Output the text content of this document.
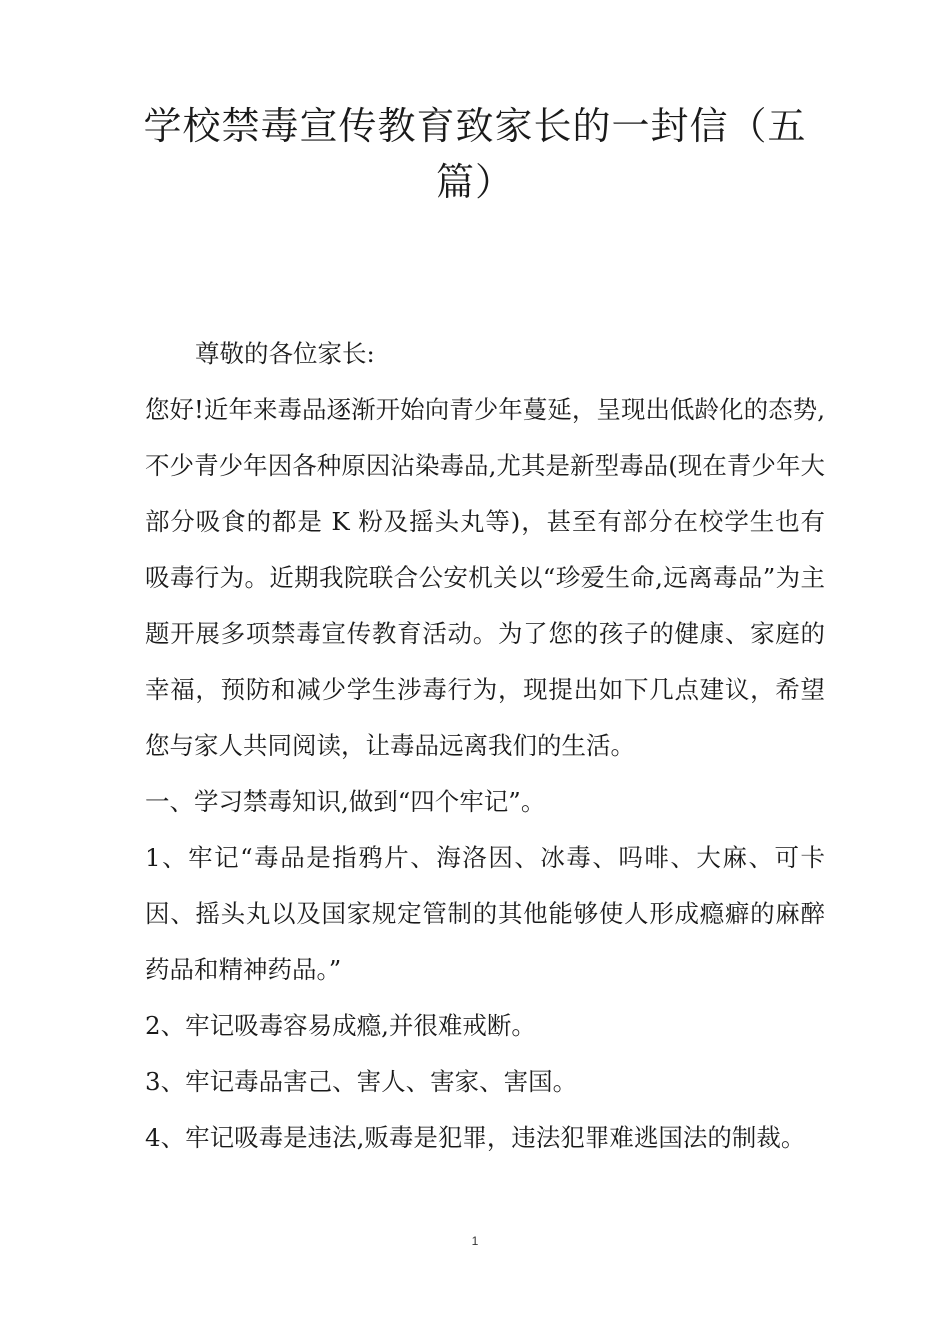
学校禁毒宣传教育致家长的一封信（五篇）

尊敬的各位家长:

您好!近年来毒品逐渐开始向青少年蔓延，呈现出低龄化的态势,不少青少年因各种原因沾染毒品,尤其是新型毒品(现在青少年大部分吸食的都是 K 粉及摇头丸等)，甚至有部分在校学生也有吸毒行为。近期我院联合公安机关以“珍爱生命,远离毒品”为主题开展多项禁毒宣传教育活动。为了您的孩子的健康、家庭的幸福，预防和减少学生涉毒行为，现提出如下几点建议，希望您与家人共同阅读，让毒品远离我们的生活。

一、学习禁毒知识,做到“四个牢记”。

1、牢记“毒品是指鸦片、海洛因、冰毒、吗啡、大麻、可卡因、摇头丸以及国家规定管制的其他能够使人形成瘾癖的麻醉药品和精神药品。”

2、牢记吸毒容易成瘾,并很难戒断。

3、牢记毒品害己、害人、害家、害国。

4、牢记吸毒是违法,贩毒是犯罪，违法犯罪难逃国法的制裁。

1
